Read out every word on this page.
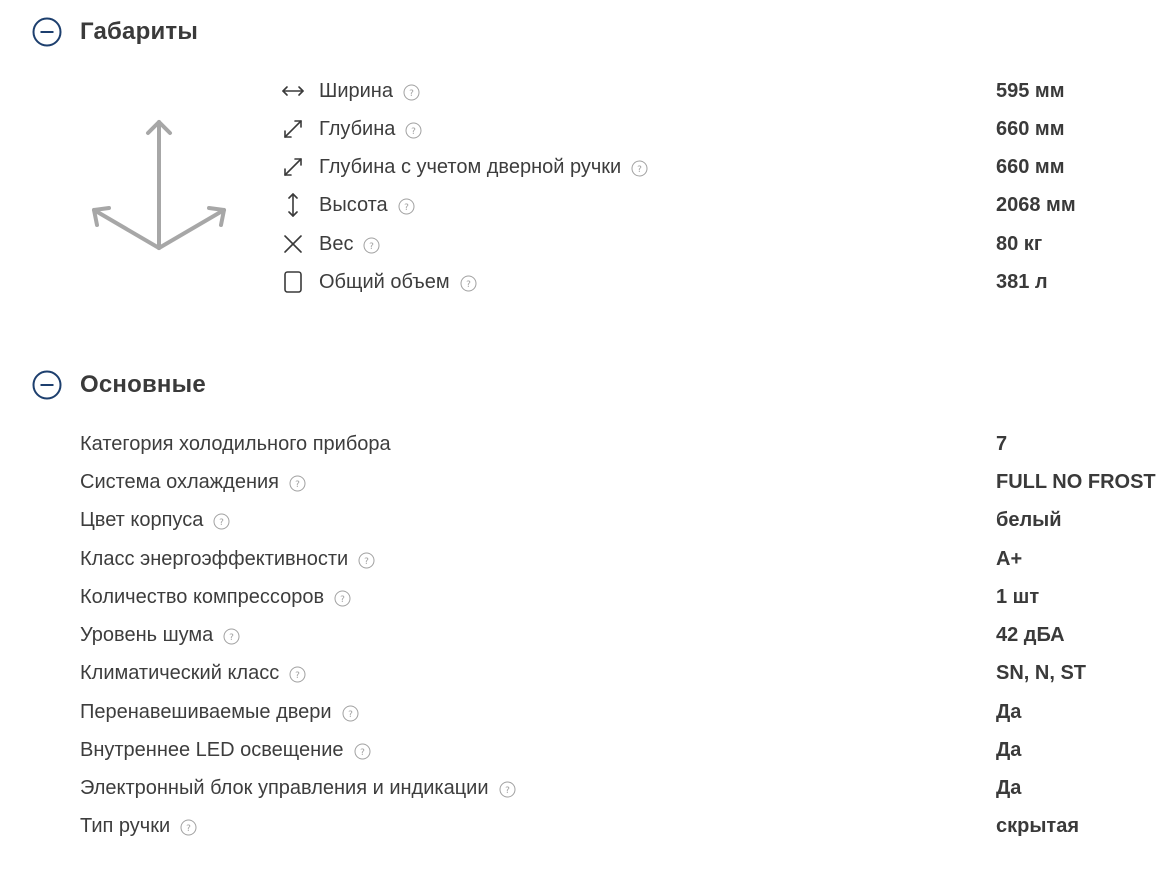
Габариты
Ширина ?	595 мм
Глубина ?	660 мм
Глубина с учетом дверной ручки ?	660 мм
Высота ?	2068 мм
Вес ?	80 кг
Общий объем ?	381 л
Основные
Категория холодильного прибора	7
Система охлаждения ?	FULL NO FROST
Цвет корпуса ?	белый
Класс энергоэффективности ?	A+
Количество компрессоров ?	1 шт
Уровень шума ?	42 дБА
Климатический класс ?	SN, N, ST
Перенавешиваемые двери ?	Да
Внутреннее LED освещение ?	Да
Электронный блок управления и индикации ?	Да
Тип ручки ?	скрытая
